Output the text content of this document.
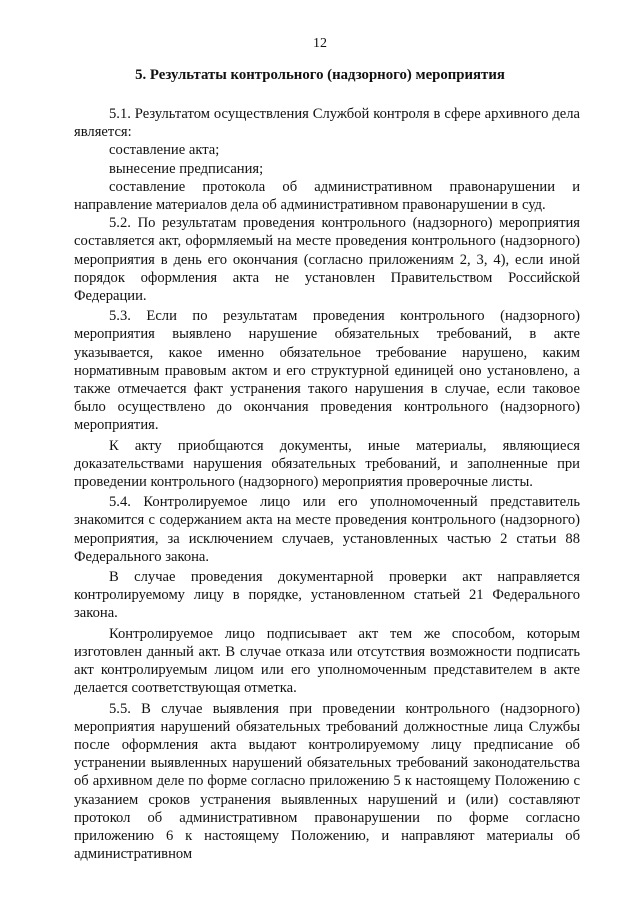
12
5. Результаты контрольного (надзорного) мероприятия

5.1. Результатом осуществления Службой контроля в сфере архивного дела является:

составление акта;

вынесение предписания;

составление протокола об административном правонарушении и направление материалов дела об административном правонарушении в суд.

5.2. По результатам проведения контрольного (надзорного) мероприятия составляется акт, оформляемый на месте проведения контрольного (надзорного) мероприятия в день его окончания (согласно приложениям 2, 3, 4), если иной порядок оформления акта не установлен Правительством Российской Федерации.

5.3. Если по результатам проведения контрольного (надзорного) мероприятия выявлено нарушение обязательных требований, в акте указывается, какое именно обязательное требование нарушено, каким нормативным правовым актом и его структурной единицей оно установлено, а также отмечается факт устранения такого нарушения в случае, если таковое было осуществлено до окончания проведения контрольного (надзорного) мероприятия.

К акту приобщаются документы, иные материалы, являющиеся доказательствами нарушения обязательных требований, и заполненные при проведении контрольного (надзорного) мероприятия проверочные листы.

5.4. Контролируемое лицо или его уполномоченный представитель знакомится с содержанием акта на месте проведения контрольного (надзорного) мероприятия, за исключением случаев, установленных частью 2 статьи 88 Федерального закона.

В случае проведения документарной проверки акт направляется контролируемому лицу в порядке, установленном статьей 21 Федерального закона.

Контролируемое лицо подписывает акт тем же способом, которым изготовлен данный акт. В случае отказа или отсутствия возможности подписать акт контролируемым лицом или его уполномоченным представителем в акте делается соответствующая отметка.

5.5. В случае выявления при проведении контрольного (надзорного) мероприятия нарушений обязательных требований должностные лица Службы после оформления акта выдают контролируемому лицу предписание об устранении выявленных нарушений обязательных требований законодательства об архивном деле по форме согласно приложению 5 к настоящему Положению с указанием сроков устранения выявленных нарушений и (или) составляют протокол об административном правонарушении по форме согласно приложению 6 к настоящему Положению, и направляют материалы об административном
